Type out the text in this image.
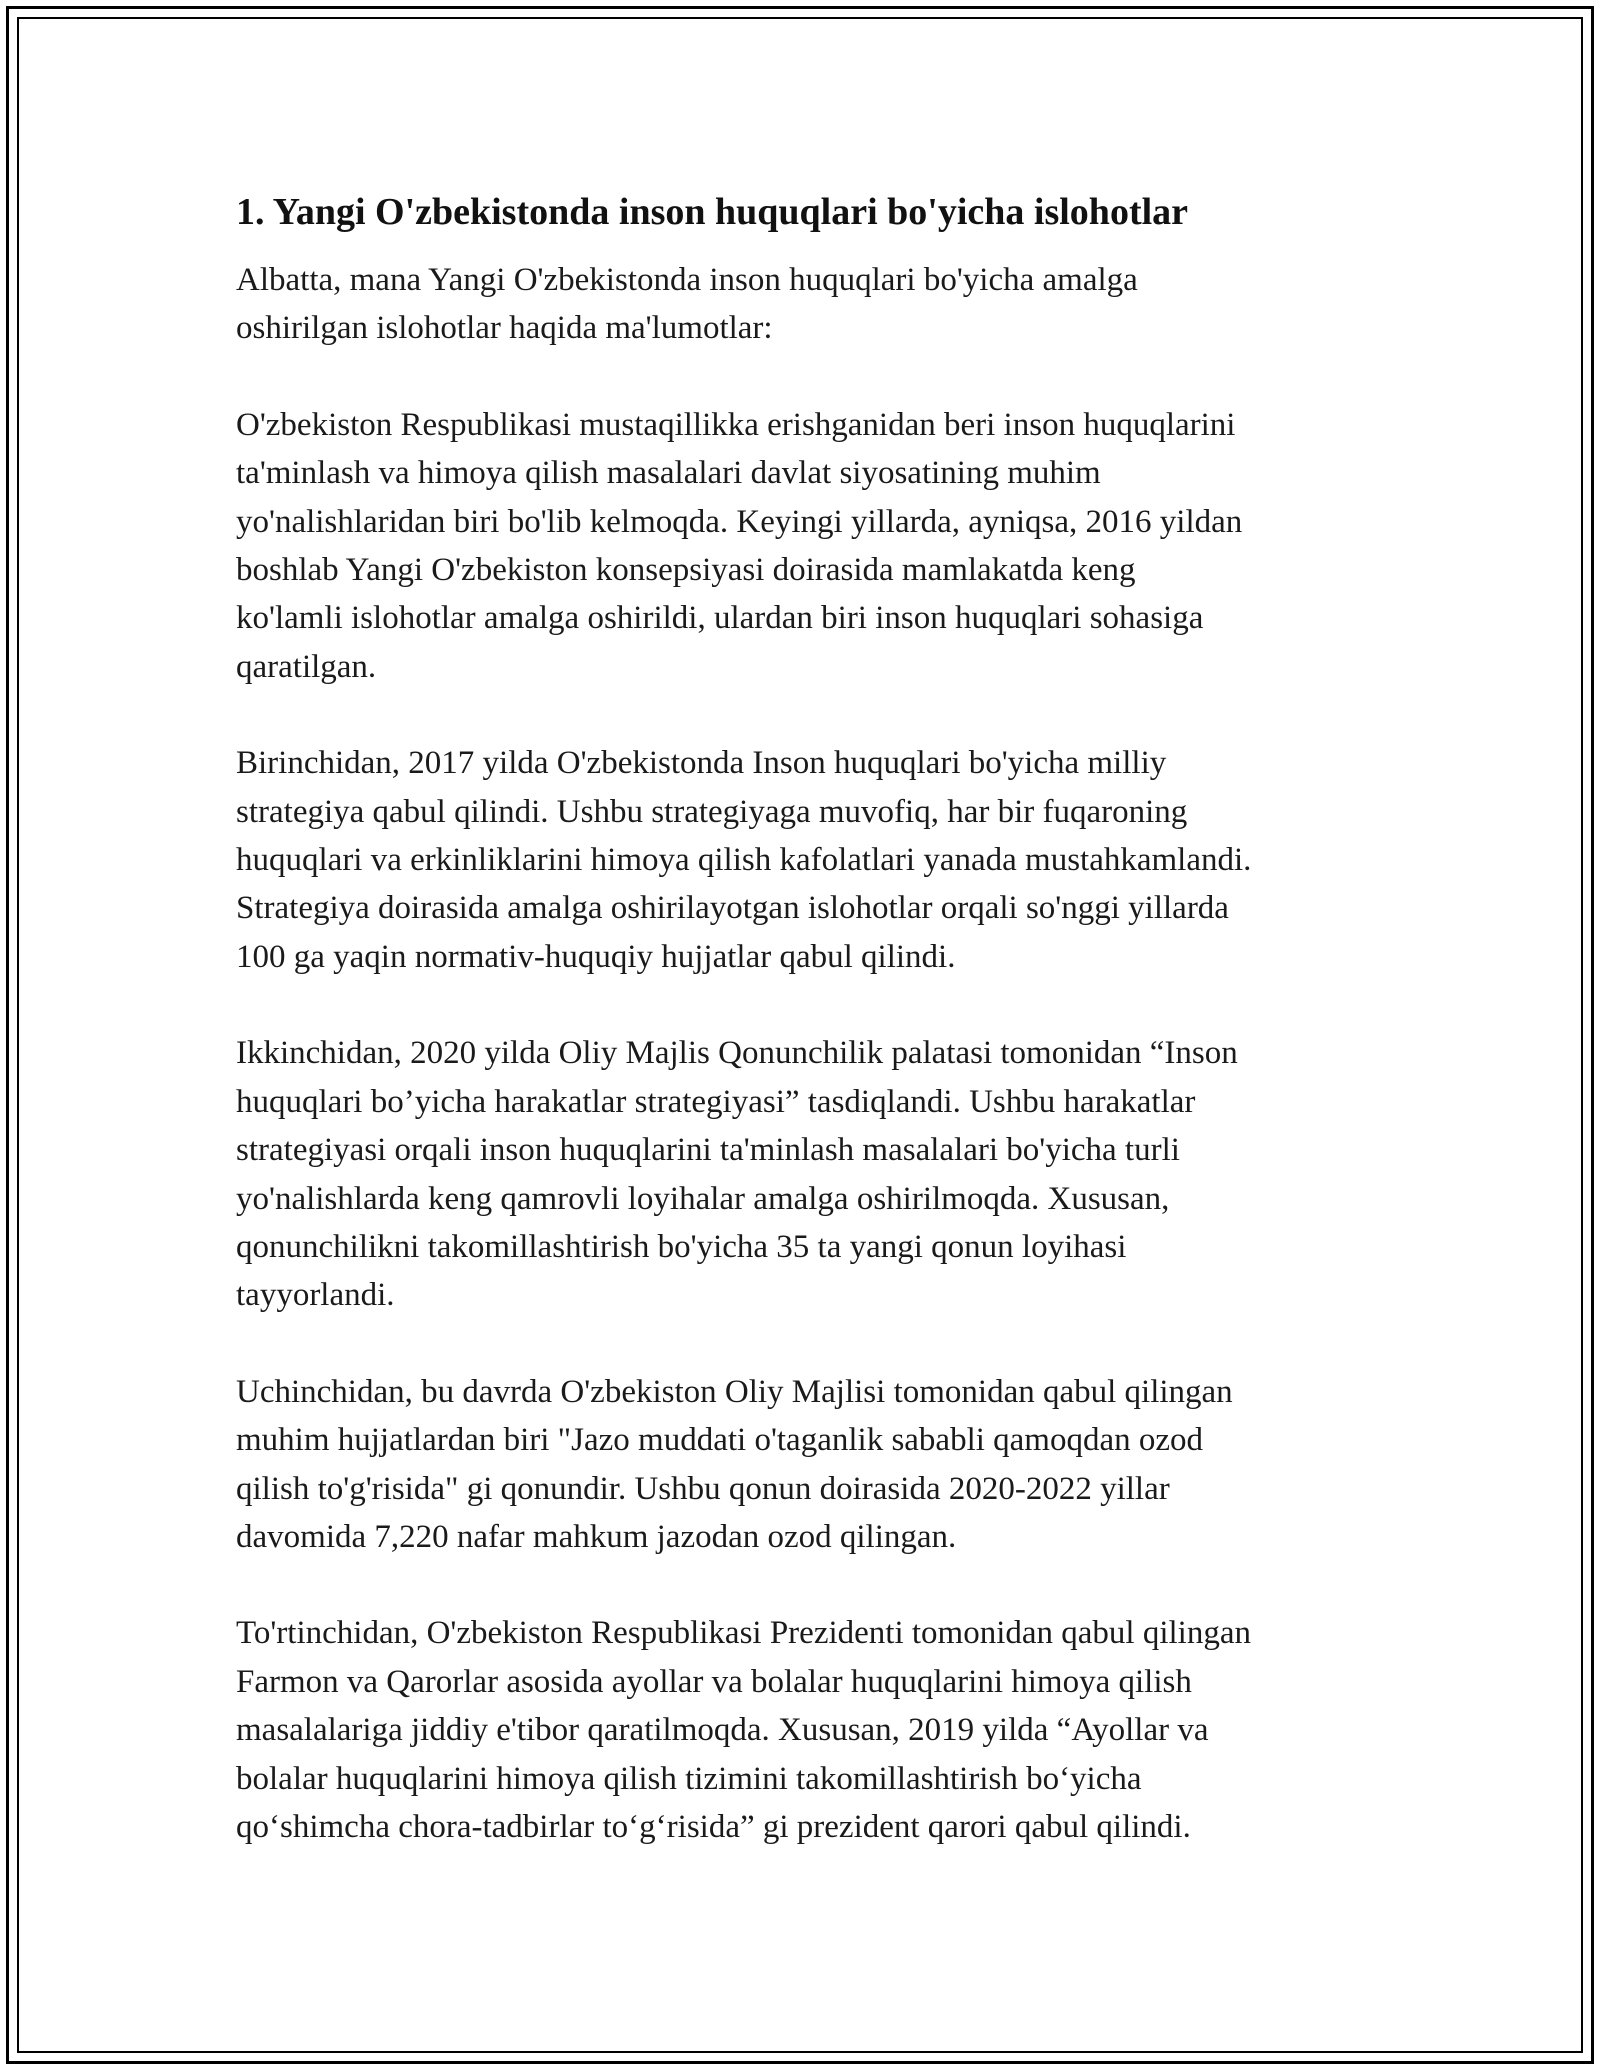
1. Yangi O'zbekistonda inson huquqlari bo'yicha islohotlar

Albatta, mana Yangi O'zbekistonda inson huquqlari bo'yicha amalga
oshirilgan islohotlar haqida ma'lumotlar:

O'zbekiston Respublikasi mustaqillikka erishganidan beri inson huquqlarini
ta'minlash va himoya qilish masalalari davlat siyosatining muhim
yo'nalishlaridan biri bo'lib kelmoqda. Keyingi yillarda, ayniqsa, 2016 yildan
boshlab Yangi O'zbekiston konsepsiyasi doirasida mamlakatda keng
ko'lamli islohotlar amalga oshirildi, ulardan biri inson huquqlari sohasiga
qaratilgan.

Birinchidan, 2017 yilda O'zbekistonda Inson huquqlari bo'yicha milliy
strategiya qabul qilindi. Ushbu strategiyaga muvofiq, har bir fuqaroning
huquqlari va erkinliklarini himoya qilish kafolatlari yanada mustahkamlandi.
Strategiya doirasida amalga oshirilayotgan islohotlar orqali so'nggi yillarda
100 ga yaqin normativ-huquqiy hujjatlar qabul qilindi.

Ikkinchidan, 2020 yilda Oliy Majlis Qonunchilik palatasi tomonidan “Inson
huquqlari bo’yicha harakatlar strategiyasi” tasdiqlandi. Ushbu harakatlar
strategiyasi orqali inson huquqlarini ta'minlash masalalari bo'yicha turli
yo'nalishlarda keng qamrovli loyihalar amalga oshirilmoqda. Xususan,
qonunchilikni takomillashtirish bo'yicha 35 ta yangi qonun loyihasi
tayyorlandi.

Uchinchidan, bu davrda O'zbekiston Oliy Majlisi tomonidan qabul qilingan
muhim hujjatlardan biri "Jazo muddati o'taganlik sababli qamoqdan ozod
qilish to'g'risida" gi qonundir. Ushbu qonun doirasida 2020-2022 yillar
davomida 7,220 nafar mahkum jazodan ozod qilingan.

To'rtinchidan, O'zbekiston Respublikasi Prezidenti tomonidan qabul qilingan
Farmon va Qarorlar asosida ayollar va bolalar huquqlarini himoya qilish
masalalariga jiddiy e'tibor qaratilmoqda. Xususan, 2019 yilda “Ayollar va
bolalar huquqlarini himoya qilish tizimini takomillashtirish bo‘yicha
qo‘shimcha chora-tadbirlar to‘g‘risida” gi prezident qarori qabul qilindi.
